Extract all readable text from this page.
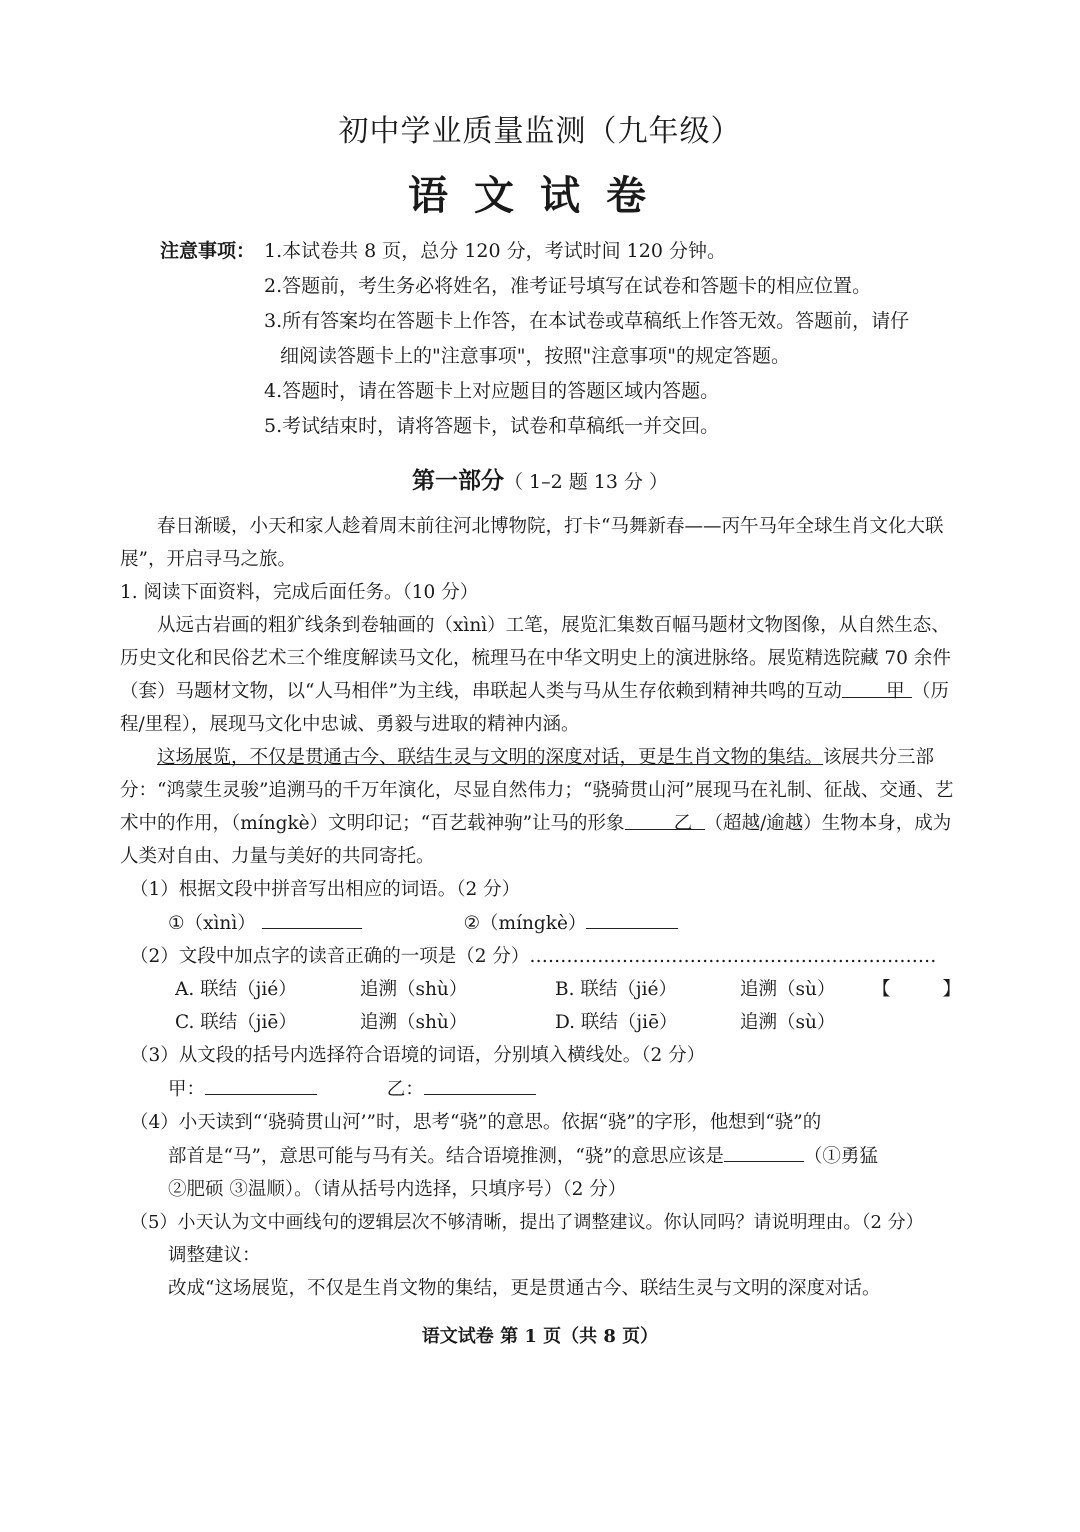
初中学业质量监测（九年级）
语文试卷
注意事项： 1.本试卷共 8 页，总分 120 分，考试时间 120 分钟。
2.答题前，考生务必将姓名，准考证号填写在试卷和答题卡的相应位置。
3.所有答案均在答题卡上作答，在本试卷或草稿纸上作答无效。答题前，请仔
细阅读答题卡上的"注意事项"，按照"注意事项"的规定答题。
4.答题时，请在答题卡上对应题目的答题区域内答题。
5.考试结束时，请将答题卡，试卷和草稿纸一并交回。
第一部分（ 1–2 题 13 分 ）

春日渐暖，小天和家人趁着周末前往河北博物院，打卡“马舞新春——丙午马年全球生肖文化大联展”，开启寻马之旅。

1. 阅读下面资料，完成后面任务。（10 分）

从远古岩画的粗犷线条到卷轴画的（xìnì）工笔，展览汇集数百幅马题材文物图像，从自然生态、历史文化和民俗艺术三个维度解读马文化，梳理马在中华文明史上的演进脉络。展览精选院藏 70 余件（套）马题材文物，以“人马相伴”为主线，串联起人类与马从生存依赖到精神共鸣的互动 甲 （历程/里程），展现马文化中忠诚、勇毅与进取的精神内涵。

这场展览，不仅是贯通古今、联结生灵与文明的深度对话，更是生肖文物的集结。该展共分三部分：“鸿蒙生灵骏”追溯马的千万年演化，尽显自然伟力；“骁骑贯山河”展现马在礼制、征战、交通、艺术中的作用，（míngkè）文明印记；“百艺载神驹”让马的形象	乙 （超越/逾越）生物本身，成为人类对自由、力量与美好的共同寄托。

（1）根据文段中拼音写出相应的词语。（2 分）

①（xìnì）	②（míngkè）

（2）文段中加点字的读音正确的一项是（2 分）…………………………………………………………
【	】

A. 联结（jié）	追溯（shù）	B. 联结（jié）	追溯（sù）
C. 联结（jiē）	追溯（shù）	D. 联结（jiē）	追溯（sù）

（3）从文段的括号内选择符合语境的词语，分别填入横线处。（2 分）

甲：	乙：

（4）小天读到“‘骁骑贯山河’”时，思考“骁”的意思。依据“骁”的字形，他想到“骁”的

部首是“马”，意思可能与马有关。结合语境推测，“骁”的意思应该是	（①勇猛

②肥硕 ③温顺）。（请从括号内选择，只填序号）（2 分）

（5）小天认为文中画线句的逻辑层次不够清晰，提出了调整建议。你认同吗？请说明理由。（2 分）

调整建议：

改成“这场展览，不仅是生肖文物的集结，更是贯通古今、联结生灵与文明的深度对话。

语文试卷 第 1 页（共 8 页）
